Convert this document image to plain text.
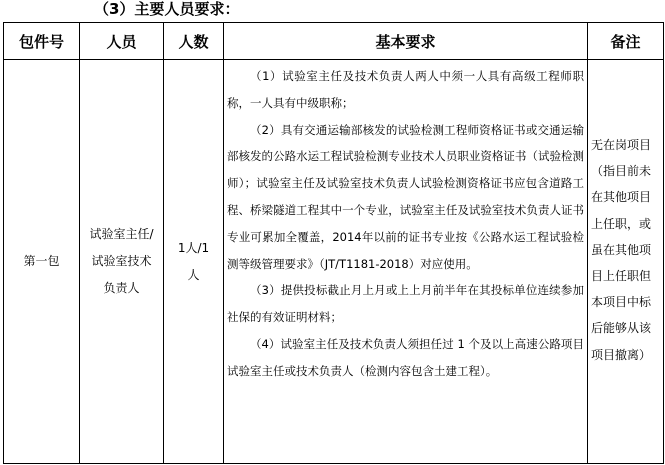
（3）主要人员要求：
包件号	人员	人数	基本要求	备注
第一包	试验室主任/试验室技术负责人	1人/1人	（1）试验室主任及技术负责人两人中须一人具有高级工程师职称，一人具有中级职称；

（2）具有交通运输部核发的试验检测工程师资格证书或交通运输部核发的公路水运工程试验检测专业技术人员职业资格证书（试验检测师）；试验室主任及试验室技术负责人试验检测资格证书应包含道路工程、桥梁隧道工程其中一个专业，试验室主任及试验室技术负责人证书专业可累加全覆盖，2014年以前的证书专业按《公路水运工程试验检测等级管理要求》（JT/T1181-2018）对应使用。

（3）提供投标截止月上月或上上月前半年在其投标单位连续参加社保的有效证明材料；

（4）试验室主任及技术负责人须担任过 1 个及以上高速公路项目试验室主任或技术负责人（检测内容包含土建工程）。	无在岗项目（指目前未在其他项目上任职，或虽在其他项目上任职但本项目中标后能够从该项目撤离）
